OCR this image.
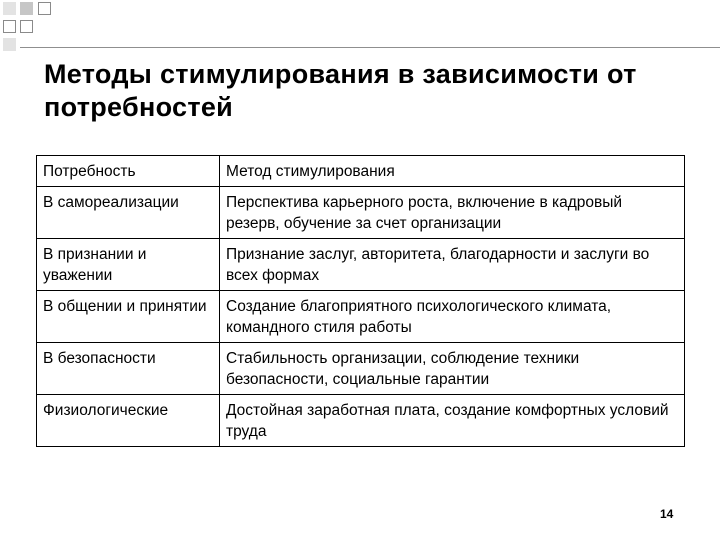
Методы стимулирования в зависимости от потребностей
Потребность	Метод стимулирования
В самореализации	Перспектива карьерного роста, включение в кадровый резерв, обучение за счет организации
В признании и уважении	Признание заслуг, авторитета, благодарности и заслуги во всех формах
В общении и принятии	Создание благоприятного психологического климата, командного стиля работы
В безопасности	Стабильность организации, соблюдение техники безопасности, социальные гарантии
Физиологические	Достойная заработная плата, создание комфортных условий труда
14
